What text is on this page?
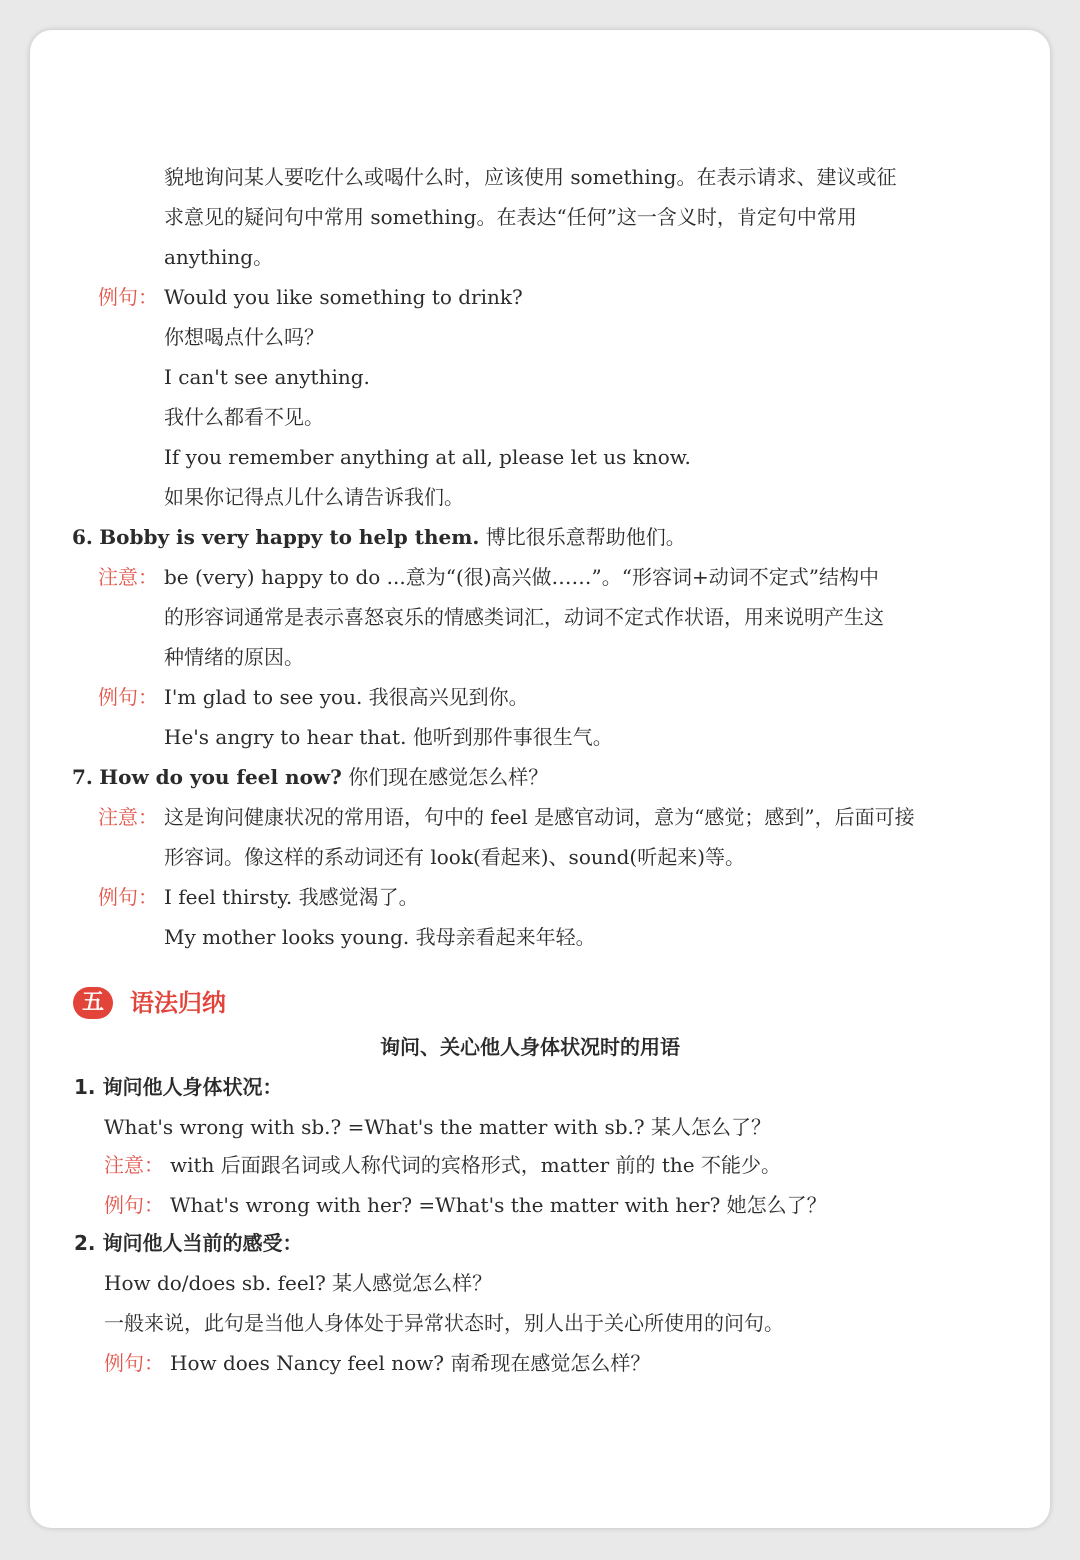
貌地询问某人要吃什么或喝什么时，应该使用 something。在表示请求、建议或征
求意见的疑问句中常用 something。在表达“任何”这一含义时，肯定句中常用
anything。
例句： Would you like something to drink?
你想喝点什么吗？
I can't see anything.
我什么都看不见。
If you remember anything at all, please let us know.
如果你记得点儿什么请告诉我们。
6. Bobby is very happy to help them. 博比很乐意帮助他们。
注意： be (very) happy to do ...意为“(很)高兴做……”。“形容词+动词不定式”结构中
的形容词通常是表示喜怒哀乐的情感类词汇，动词不定式作状语，用来说明产生这
种情绪的原因。
例句： I'm glad to see you. 我很高兴见到你。
He's angry to hear that. 他听到那件事很生气。
7. How do you feel now? 你们现在感觉怎么样？
注意： 这是询问健康状况的常用语，句中的 feel 是感官动词，意为“感觉；感到”，后面可接
形容词。像这样的系动词还有 look(看起来)、sound(听起来)等。
例句： I feel thirsty. 我感觉渴了。
My mother looks young. 我母亲看起来年轻。
五	语法归纳
询问、关心他人身体状况时的用语
1. 询问他人身体状况：
What's wrong with sb.? =What's the matter with sb.? 某人怎么了？
注意： with 后面跟名词或人称代词的宾格形式，matter 前的 the 不能少。
例句： What's wrong with her? =What's the matter with her? 她怎么了？
2. 询问他人当前的感受：
How do/does sb. feel? 某人感觉怎么样？
一般来说，此句是当他人身体处于异常状态时，别人出于关心所使用的问句。
例句： How does Nancy feel now? 南希现在感觉怎么样？
